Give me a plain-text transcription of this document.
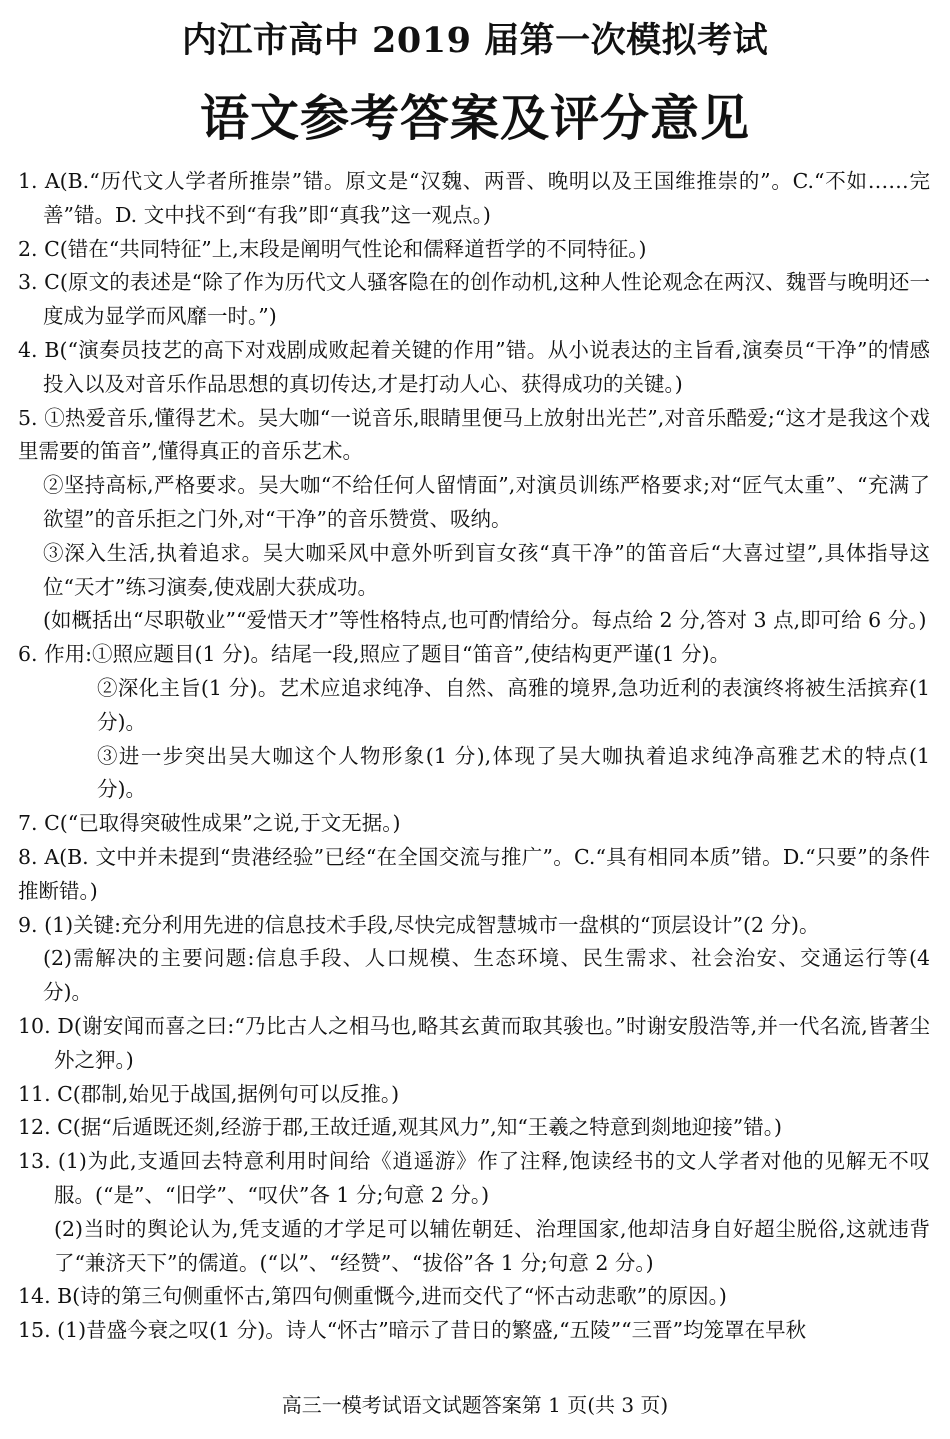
内江市高中 2019 届第一次模拟考试
语文参考答案及评分意见

1. A(B.“历代文人学者所推崇”错。原文是“汉魏、两晋、晚明以及王国维推崇的”。C.“不如……完善”错。D. 文中找不到“有我”即“真我”这一观点。)

2. C(错在“共同特征”上,末段是阐明气性论和儒释道哲学的不同特征。)

3. C(原文的表述是“除了作为历代文人骚客隐在的创作动机,这种人性论观念在两汉、魏晋与晚明还一度成为显学而风靡一时。”)

4. B(“演奏员技艺的高下对戏剧成败起着关键的作用”错。从小说表达的主旨看,演奏员“干净”的情感投入以及对音乐作品思想的真切传达,才是打动人心、获得成功的关键。)

5. ①热爱音乐,懂得艺术。吴大咖“一说音乐,眼睛里便马上放射出光芒”,对音乐酷爱;“这才是我这个戏里需要的笛音”,懂得真正的音乐艺术。

②坚持高标,严格要求。吴大咖“不给任何人留情面”,对演员训练严格要求;对“匠气太重”、“充满了欲望”的音乐拒之门外,对“干净”的音乐赞赏、吸纳。

③深入生活,执着追求。吴大咖采风中意外听到盲女孩“真干净”的笛音后“大喜过望”,具体指导这位“天才”练习演奏,使戏剧大获成功。

(如概括出“尽职敬业”“爱惜天才”等性格特点,也可酌情给分。每点给 2 分,答对 3 点,即可给 6 分。)

6. 作用:①照应题目(1 分)。结尾一段,照应了题目“笛音”,使结构更严谨(1 分)。

②深化主旨(1 分)。艺术应追求纯净、自然、高雅的境界,急功近利的表演终将被生活摈弃(1 分)。

③进一步突出吴大咖这个人物形象(1 分),体现了吴大咖执着追求纯净高雅艺术的特点(1 分)。

7. C(“已取得突破性成果”之说,于文无据。)

8. A(B. 文中并未提到“贵港经验”已经“在全国交流与推广”。C.“具有相同本质”错。D.“只要”的条件推断错。)

9. (1)关键:充分利用先进的信息技术手段,尽快完成智慧城市一盘棋的“顶层设计”(2 分)。

(2)需解决的主要问题:信息手段、人口规模、生态环境、民生需求、社会治安、交通运行等(4 分)。

10. D(谢安闻而喜之曰:“乃比古人之相马也,略其玄黄而取其骏也。”时谢安殷浩等,并一代名流,皆著尘外之狎。)

11. C(郡制,始见于战国,据例句可以反推。)

12. C(据“后遁既还剡,经游于郡,王故迁遁,观其风力”,知“王羲之特意到剡地迎接”错。)

13. (1)为此,支遁回去特意利用时间给《逍遥游》作了注释,饱读经书的文人学者对他的见解无不叹服。(“是”、“旧学”、“叹伏”各 1 分;句意 2 分。)

(2)当时的舆论认为,凭支遁的才学足可以辅佐朝廷、治理国家,他却洁身自好超尘脱俗,这就违背了“兼济天下”的儒道。(“以”、“经赞”、“拔俗”各 1 分;句意 2 分。)

14. B(诗的第三句侧重怀古,第四句侧重慨今,进而交代了“怀古动悲歌”的原因。)

15. (1)昔盛今衰之叹(1 分)。诗人“怀古”暗示了昔日的繁盛,“五陵”“三晋”均笼罩在早秋

高三一模考试语文试题答案第 1 页(共 3 页)
